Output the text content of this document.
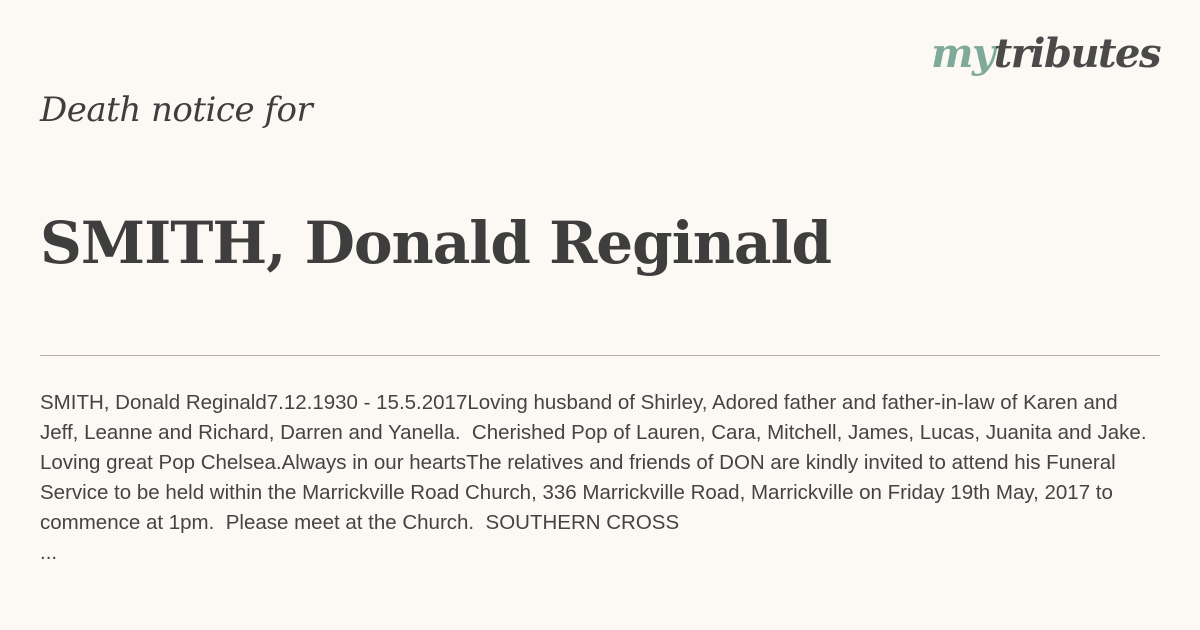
mytributes
Death notice for
SMITH, Donald Reginald

SMITH, Donald Reginald7.12.1930 - 15.5.2017Loving husband of Shirley, Adored father and father-in-law of Karen and Jeff, Leanne and Richard, Darren and Yanella.  Cherished Pop of Lauren, Cara, Mitchell, James, Lucas, Juanita and Jake.  Loving great Pop Chelsea.Always in our heartsThe relatives and friends of DON are kindly invited to attend his Funeral Service to be held within the Marrickville Road Church, 336 Marrickville Road, Marrickville on Friday 19th May, 2017 to commence at 1pm.  Please meet at the Church.  SOUTHERN CROSS

...
